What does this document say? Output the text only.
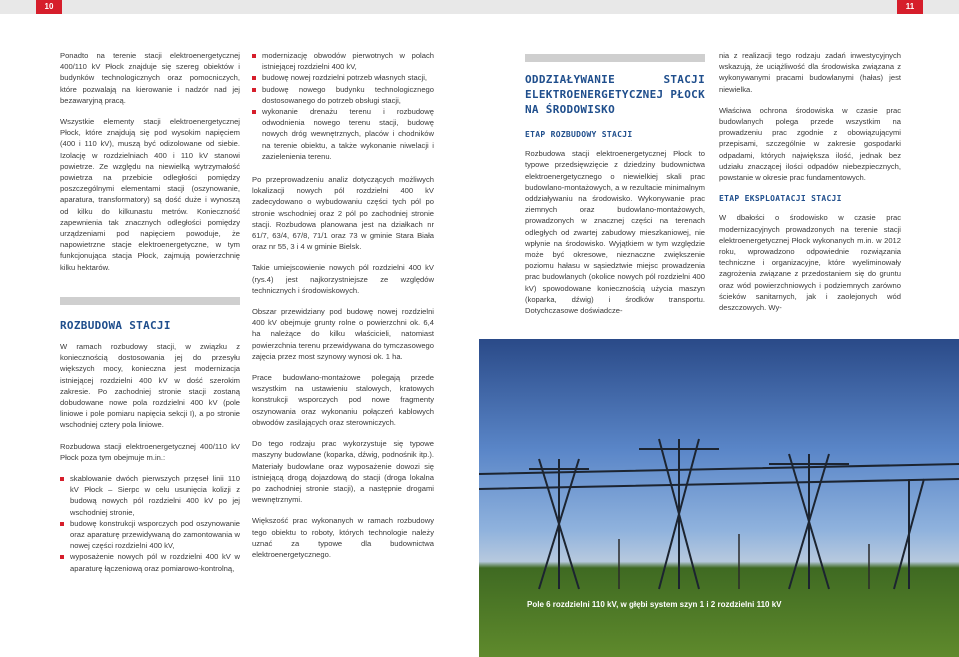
10	11

Ponadto na terenie stacji elektroenergetycznej 400/110 kV Płock znajduje się szereg obiektów i budynków technologicznych oraz pomocniczych, które pozwalają na kierowanie i nadzór nad jej bezawaryjną pracą.

Wszystkie elementy stacji elektroenergetycznej Płock, które znajdują się pod wysokim napięciem (400 i 110 kV), muszą być odizolowane od siebie. Izolację w rozdzielniach 400 i 110 kV stanowi powietrze. Ze względu na niewielką wytrzymałość powietrza na przebicie odległości pomiędzy poszczególnymi elementami stacji (oszynowanie, aparatura, transformatory) są dość duże i wynoszą od kilku do kilkunastu metrów. Konieczność zapewnienia tak znacznych odległości pomiędzy urządzeniami pod napięciem powoduje, że napowietrzne stacje elektroenergetyczne, w tym funkcjonująca stacja Płock, zajmują powierzchnię kilku hektarów.

ROZBUDOWA STACJI

W ramach rozbudowy stacji, w związku z koniecznością dostosowania jej do przesyłu większych mocy, konieczna jest modernizacja istniejącej rozdzielni 400 kV w dość szerokim zakresie. Po zachodniej stronie stacji zostaną dobudowane nowe pola rozdzielni 400 kV (pole liniowe i pole pomiaru napięcia sekcji I), a po stronie wschodniej cztery pola liniowe.

Rozbudowa stacji elektroenergetycznej 400/110 kV Płock poza tym obejmuje m.in.:

skablowanie dwóch pierwszych przęseł linii 110 kV Płock – Sierpc w celu usunięcia kolizji z budową nowych pól rozdzielni 400 kV po jej wschodniej stronie,
budowę konstrukcji wsporczych pod oszynowanie oraz aparaturę przewidywaną do zamontowania w nowej części rozdzielni 400 kV,
wyposażenie nowych pól w rozdzielni 400 kV w aparaturę łączeniową oraz pomiarowo-kontrolną,
modernizację obwodów pierwotnych w polach istniejącej rozdzielni 400 kV,
budowę nowej rozdzielni potrzeb własnych stacji,
budowę nowego budynku technologicznego dostosowanego do potrzeb obsługi stacji,
wykonanie drenażu terenu i rozbudowę odwodnienia nowego terenu stacji, budowę nowych dróg wewnętrznych, placów i chodników na terenie obiektu, a także wykonanie niwelacji i zazielenienia terenu.

Po przeprowadzeniu analiz dotyczących możliwych lokalizacji nowych pól rozdzielni 400 kV zadecydowano o wybudowaniu części tych pól po stronie wschodniej oraz 2 pól po zachodniej stronie stacji. Rozbudowa planowana jest na działkach nr 61/7, 63/4, 67/8, 71/1 oraz 73 w gminie Stara Biała oraz nr 55, 3 i 4 w gminie Bielsk.

Takie umiejscowienie nowych pól rozdzielni 400 kV (rys.4) jest najkorzystniejsze ze względów technicznych i środowiskowych.

Obszar przewidziany pod budowę nowej rozdzielni 400 kV obejmuje grunty rolne o powierzchni ok. 6,4 ha należące do kilku właścicieli, natomiast powierzchnia terenu przewidywana do tymczasowego zajęcia przez most szynowy wynosi ok. 1 ha.

Prace budowlano-montażowe polegają przede wszystkim na ustawieniu stalowych, kratowych konstrukcji wsporczych pod nowe fragmenty oszynowania oraz wykonaniu połączeń kablowych obwodów zasilających oraz sterowniczych.

Do tego rodzaju prac wykorzystuje się typowe maszyny budowlane (koparka, dźwig, podnośnik itp.). Materiały budowlane oraz wyposażenie dowozi się istniejącą drogą dojazdową do stacji (droga lokalna po zachodniej stronie stacji), a następnie drogami wewnętrznymi.

Większość prac wykonanych w ramach rozbudowy tego obiektu to roboty, których technologie należy uznać za typowe dla budownictwa elektroenergetycznego.

ODDZIAŁYWANIE STACJI ELEKTROENERGETYCZNEJ PŁOCK NA ŚRODOWISKO
ETAP ROZBUDOWY STACJI

Rozbudowa stacji elektroenergetycznej Płock to typowe przedsięwzięcie z dziedziny budownictwa elektroenergetycznego o niewielkiej skali prac budowlano-montażowych, a w rezultacie minimalnym oddziaływaniu na środowisko. Wykonywanie prac ziemnych oraz budowlano-montażowych, prowadzonych w znacznej części na terenach odległych od zwartej zabudowy mieszkaniowej, nie wpłynie na środowisko. Wyjątkiem w tym względzie może być okresowe, nieznaczne zwiększenie poziomu hałasu w sąsiedztwie miejsc prowadzenia prac budowlanych (okolice nowych pól rozdzielni 400 kV) spowodowane koniecznością użycia maszyn (koparka, dźwig) i środków transportu. Dotychczasowe doświadcze-

nia z realizacji tego rodzaju zadań inwestycyjnych wskazują, że uciążliwość dla środowiska związana z wykonywanymi pracami budowlanymi (hałas) jest niewielka.

Właściwa ochrona środowiska w czasie prac budowlanych polega przede wszystkim na prowadzeniu prac zgodnie z obowiązującymi przepisami, szczególnie w zakresie gospodarki odpadami, których największa ilość, jednak bez udziału znaczącej ilości odpadów niebezpiecznych, powstanie w okresie prac fundamentowych.

ETAP EKSPLOATACJI STACJI

W dbałości o środowisko w czasie prac modernizacyjnych prowadzonych na terenie stacji elektroenergetycznej Płock wykonanych m.in. w 2012 roku, wprowadzono odpowiednie rozwiązania techniczne i organizacyjne, które wyeliminowały zagrożenia związane z przedostaniem się do gruntu oraz wód powierzchniowych i podziemnych zarówno ścieków sanitarnych, jak i zaolejonych wód deszczowych. Wy-

Pole 6 rozdzielni 110 kV, w głębi system szyn 1 i 2 rozdzielni 110 kV
